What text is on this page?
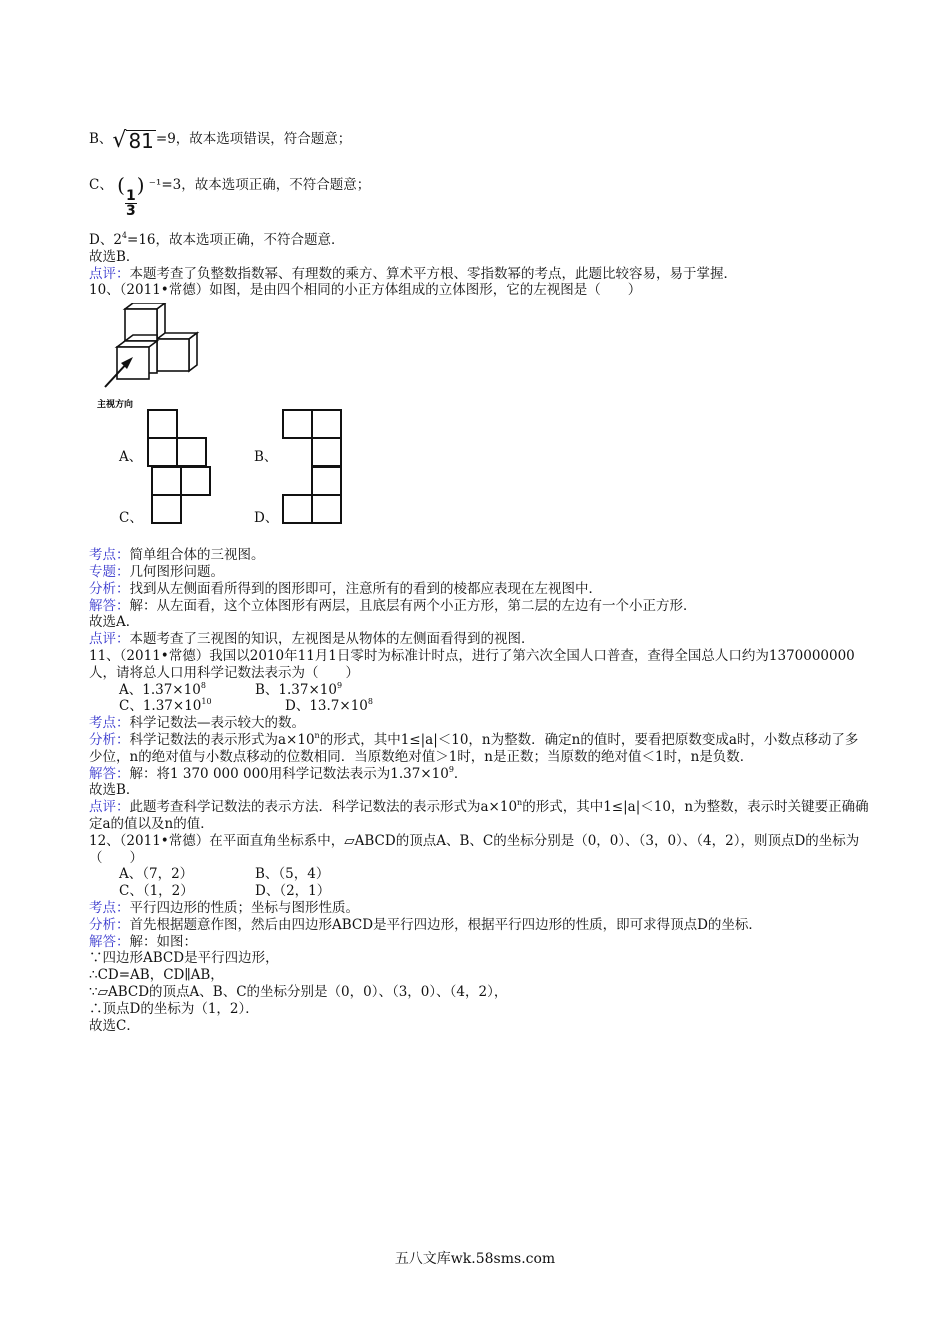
B、 √ 81 =9，故本选项错误，符合题意；
C、 (
$\frac{1}{3}$
) ⁻¹=3，故本选项正确，不符合题意；
D、$2^4=16$，故本选项正确，不符合题意．
故选B．
点评：本题考查了负整数指数幂、有理数的乘方、算术平方根、零指数幂的考点，此题比较容易，易于掌握．
10、（2011•常德）如图，是由四个相同的小正方体组成的立体图形，它的左视图是（　　）
主视方向
A、	B、
C、	D、
考点：简单组合体的三视图。
专题：几何图形问题。
分析：找到从左侧面看所得到的图形即可，注意所有的看到的棱都应表现在左视图中．
解答：解：从左面看，这个立体图形有两层，且底层有两个小正方形，第二层的左边有一个小正方形．
故选A．
点评：本题考查了三视图的知识，左视图是从物体的左侧面看得到的视图．
11、（2011•常德）我国以2010年11月1日零时为标准计时点，进行了第六次全国人口普查，查得全国总人口约为1370000000人，请将总人口用科学记数法表示为（　　）
A、$1.37\times 10^8$	B、$1.37\times 10^9$
C、$1.37\times 10^{10}$	D、$13.7\times 10^8$
考点：科学记数法—表示较大的数。
分析：科学记数法的表示形式为$a\times 10^n$的形式，其中1≤|a|＜10，n为整数．确定n的值时，要看把原数变成a时，小数点移动了多少位，n的绝对值与小数点移动的位数相同．当原数绝对值＞1时，n是正数；当原数的绝对值＜1时，n是负数．
解答：解：将1 370 000 000用科学记数法表示为$1.37\times 10^9$．
故选B．
点评：此题考查科学记数法的表示方法．科学记数法的表示形式为$a\times 10^n$的形式，其中1≤|a|＜10，n为整数，表示时关键要正确确定a的值以及n的值．
12、（2011•常德）在平面直角坐标系中，▱ABCD的顶点A、B、C的坐标分别是（0，0）、（3，0）、（4，2），则顶点D的坐标为（　　）
A、（7，2）	B、（5，4）
C、（1，2）	D、（2，1）
考点：平行四边形的性质；坐标与图形性质。
分析：首先根据题意作图，然后由四边形ABCD是平行四边形，根据平行四边形的性质，即可求得顶点D的坐标．
解答：解：如图：
∵四边形ABCD是平行四边形，
∴CD=AB，CD∥AB，
∵▱ABCD的顶点A、B、C的坐标分别是（0，0）、（3，0）、（4，2），
∴顶点D的坐标为（1，2）．
故选C．
五八文库wk.58sms.com
